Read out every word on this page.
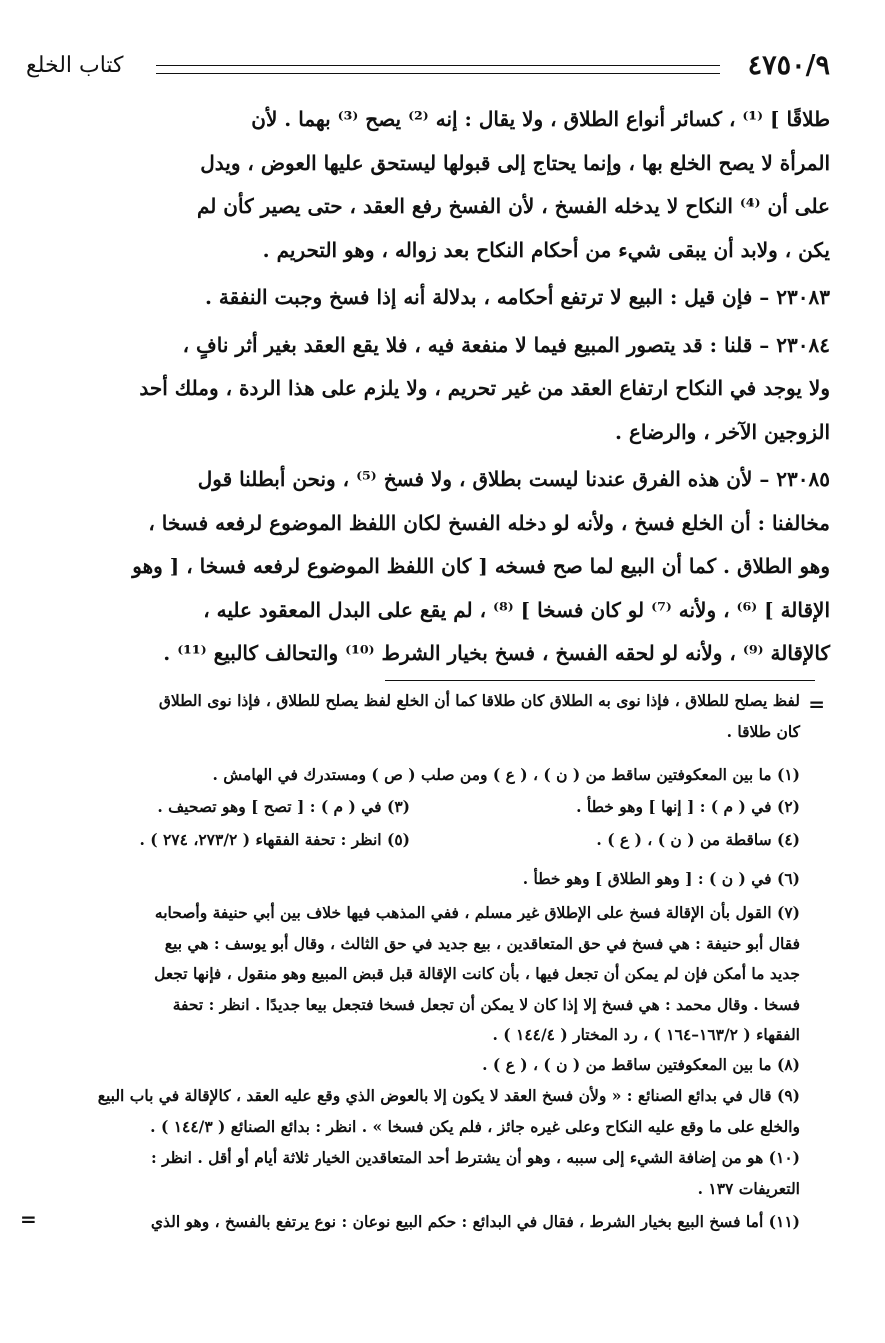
٤٧٥٠/٩
كتاب الخلع
طلاقًا ] ⁽¹⁾ ، كسائر أنواع الطلاق ، ولا يقال : إنه ⁽²⁾ يصح ⁽³⁾ بهما . لأن
المرأة لا يصح الخلع بها ، وإنما يحتاج إلى قبولها ليستحق عليها العوض ، ويدل
على أن ⁽⁴⁾ النكاح لا يدخله الفسخ ، لأن الفسخ رفع العقد ، حتى يصير كأن لم
يكن ، ولابد أن يبقى شيء من أحكام النكاح بعد زواله ، وهو التحريم .
٢٣٠٨٣ – فإن قيل : البيع لا ترتفع أحكامه ، بدلالة أنه إذا فسخ وجبت النفقة .
٢٣٠٨٤ – قلنا : قد يتصور المبيع فيما لا منفعة فيه ، فلا يقع العقد بغير أثر نافٍ ،
ولا يوجد في النكاح ارتفاع العقد من غير تحريم ، ولا يلزم على هذا الردة ، وملك أحد
الزوجين الآخر ، والرضاع .
٢٣٠٨٥ – لأن هذه الفرق عندنا ليست بطلاق ، ولا فسخ ⁽⁵⁾ ، ونحن أبطلنا قول
مخالفنا : أن الخلع فسخ ، ولأنه لو دخله الفسخ لكان اللفظ الموضوع لرفعه فسخا ،
وهو الطلاق . كما أن البيع لما صح فسخه [ كان اللفظ الموضوع لرفعه فسخا ، [ وهو
الإقالة ] ⁽⁶⁾ ، ولأنه ⁽⁷⁾ لو كان فسخا ] ⁽⁸⁾ ، لم يقع على البدل المعقود عليه ،
كالإقالة ⁽⁹⁾ ، ولأنه لو لحقه الفسخ ، فسخ بخيار الشرط ⁽¹⁰⁾ والتحالف كالبيع ⁽¹¹⁾ .
=
لفظ يصلح للطلاق ، فإذا نوى به الطلاق كان طلاقا كما أن الخلع لفظ يصلح للطلاق ، فإذا نوى الطلاق
كان طلاقا .
(١) ما بين المعكوفتين ساقط من ( ن ) ، ( ع ) ومن صلب ( ص ) ومستدرك في الهامش .
(٢) في ( م ) : [ إنها ] وهو خطأ .
(٣) في ( م ) : [ تصح ] وهو تصحيف .
(٤) ساقطة من ( ن ) ، ( ع ) .
(٥) انظر : تحفة الفقهاء ( ٢٧٣/٢، ٢٧٤ ) .
(٦) في ( ن ) : [ وهو الطلاق ] وهو خطأ .
(٧) القول بأن الإقالة فسخ على الإطلاق غير مسلم ، ففي المذهب فيها خلاف بين أبي حنيفة وأصحابه
فقال أبو حنيفة : هي فسخ في حق المتعاقدين ، بيع جديد في حق الثالث ، وقال أبو يوسف : هي بيع
جديد ما أمكن فإن لم يمكن أن تجعل فيها ، بأن كانت الإقالة قبل قبض المبيع وهو منقول ، فإنها تجعل
فسخا . وقال محمد : هي فسخ إلا إذا كان لا يمكن أن تجعل فسخا فتجعل بيعا جديدًا . انظر : تحفة
الفقهاء ( ١٦٣/٢–١٦٤ ) ، رد المختار ( ١٤٤/٤ ) .
(٨) ما بين المعكوفتين ساقط من ( ن ) ، ( ع ) .
(٩) قال في بدائع الصنائع : « ولأن فسخ العقد لا يكون إلا بالعوض الذي وقع عليه العقد ، كالإقالة في باب البيع
والخلع على ما وقع عليه النكاح وعلى غيره جائز ، فلم يكن فسخا » . انظر : بدائع الصنائع ( ١٤٤/٣ ) .
(١٠) هو من إضافة الشيء إلى سببه ، وهو أن يشترط أحد المتعاقدين الخيار ثلاثة أيام أو أقل . انظر :
التعريفات ١٣٧ .
(١١) أما فسخ البيع بخيار الشرط ، فقال في البدائع : حكم البيع نوعان : نوع يرتفع بالفسخ ، وهو الذي
=
